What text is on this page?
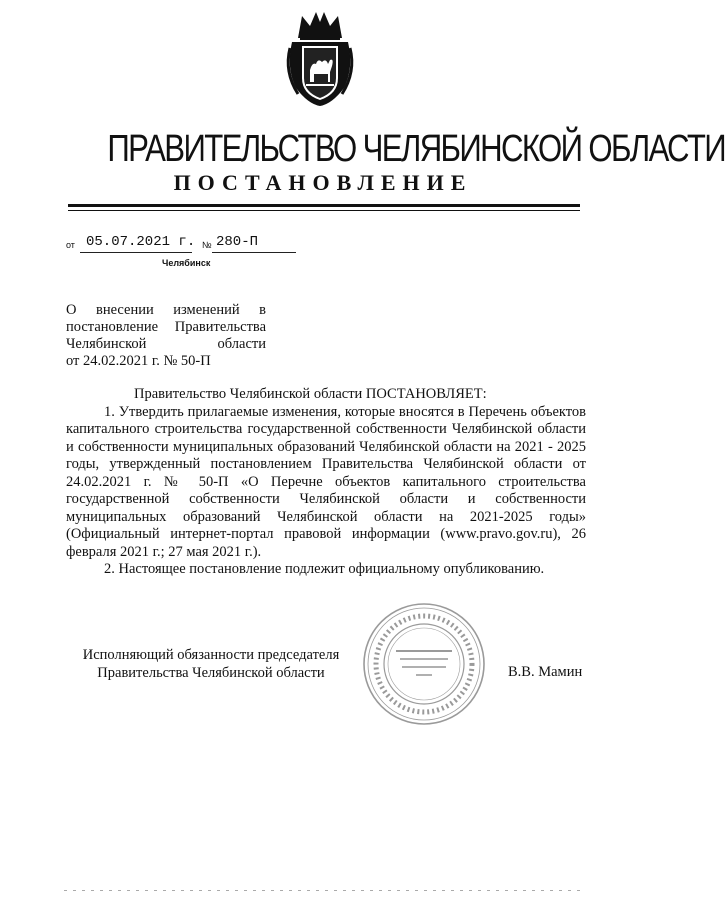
ПРАВИТЕЛЬСТВО ЧЕЛЯБИНСКОЙ ОБЛАСТИ
ПОСТАНОВЛЕНИЕ
от 05.07.2021 г. № 280-П
Челябинск
О внесении изменений в
постановление Правительства
Челябинской области
от 24.02.2021 г. № 50-П
Правительство Челябинской области ПОСТАНОВЛЯЕТ:
1. Утвердить прилагаемые изменения, которые вносятся в Перечень объектов капитального строительства государственной собственности Челябинской области и собственности муниципальных образований Челябинской области на 2021 - 2025 годы, утвержденный постановлением Правительства Челябинской области от 24.02.2021 г. № 50-П «О Перечне объектов капитального строительства государственной собственности Челябинской области и собственности муниципальных образований Челябинской области на 2021-2025 годы» (Официальный интернет-портал правовой информации (www.pravo.gov.ru), 26 февраля 2021 г.; 27 мая 2021 г.).
2. Настоящее постановление подлежит официальному опубликованию.
Исполняющий обязанности председателя
Правительства Челябинской области	В.В. Мамин
